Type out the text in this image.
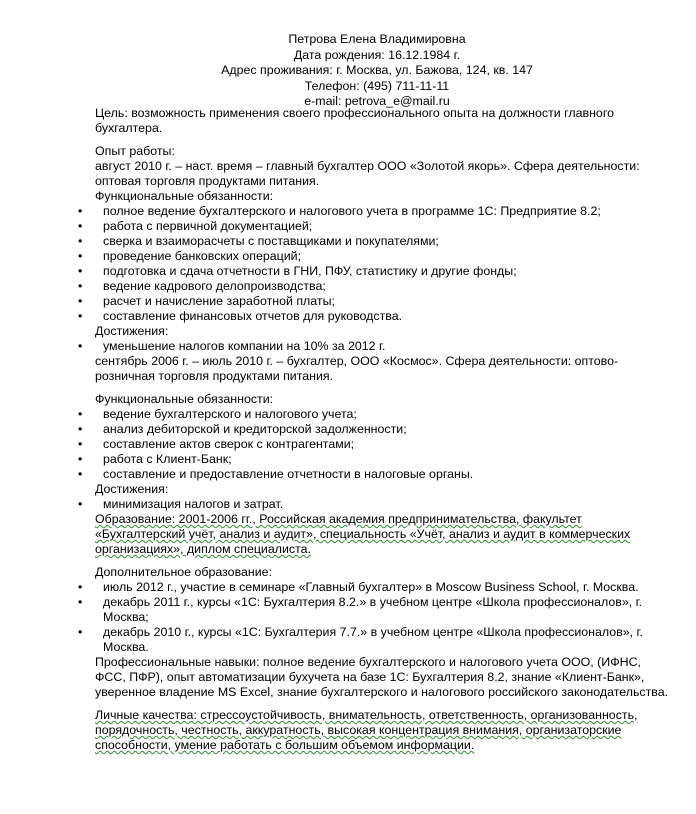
Петрова Елена Владимировна
Дата рождения: 16.12.1984 г.
Адрес проживания: г. Москва, ул. Бажова, 124, кв. 147
Телефон: (495) 711-11-11
e-mail: petrova_e@mail.ru

Цель: возможность применения своего профессионального опыта на должности главного бухгалтера.

Опыт работы:

август 2010 г. – наст. время – главный бухгалтер ООО «Золотой якорь». Сфера деятельности: оптовая торговля продуктами питания.

Функциональные обязанности:

• полное ведение бухгалтерского и налогового учета в программе 1С: Предприятие 8.2;
• работа с первичной документацией;
• сверка и взаиморасчеты с поставщиками и покупателями;
• проведение банковских операций;
• подготовка и сдача отчетности в ГНИ, ПФУ, статистику и другие фонды;
• ведение кадрового делопроизводства;
• расчет и начисление заработной платы;
• составление финансовых отчетов для руководства.

Достижения:

• уменьшение налогов компании на 10% за 2012 г.

сентябрь 2006 г. – июль 2010 г. – бухгалтер, ООО «Космос». Сфера деятельности: оптово-розничная торговля продуктами питания.

Функциональные обязанности:

• ведение бухгалтерского и налогового учета;
• анализ дебиторской и кредиторской задолженности;
• составление актов сверок с контрагентами;
• работа с Клиент-Банк;
• составление и предоставление отчетности в налоговые органы.

Достижения:

• минимизация налогов и затрат.

Образование: 2001-2006 гг., Российская академия предпринимательства, факультет «Бухгалтерский учёт, анализ и аудит», специальность «Учёт, анализ и аудит в коммерческих организациях», диплом специалиста.

Дополнительное образование:

• июль 2012 г., участие в семинаре «Главный бухгалтер» в Moscow Business School, г. Москва.
• декабрь 2011 г., курсы «1С: Бухгалтерия 8.2.» в учебном центре «Школа профессионалов», г. Москва;
• декабрь 2010 г., курсы «1С: Бухгалтерия 7.7.» в учебном центре «Школа профессионалов», г. Москва.

Профессиональные навыки: полное ведение бухгалтерского и налогового учета ООО, (ИФНС, ФСС, ПФР), опыт автоматизации бухучета на базе 1С: Бухгалтерия 8.2, знание «Клиент-Банк», уверенное владение MS Excel, знание бухгалтерского и налогового российского законодательства.

Личные качества: стрессоустойчивость, внимательность, ответственность, организованность, порядочность, честность, аккуратность, высокая концентрация внимания, организаторские способности, умение работать с большим объемом информации.
